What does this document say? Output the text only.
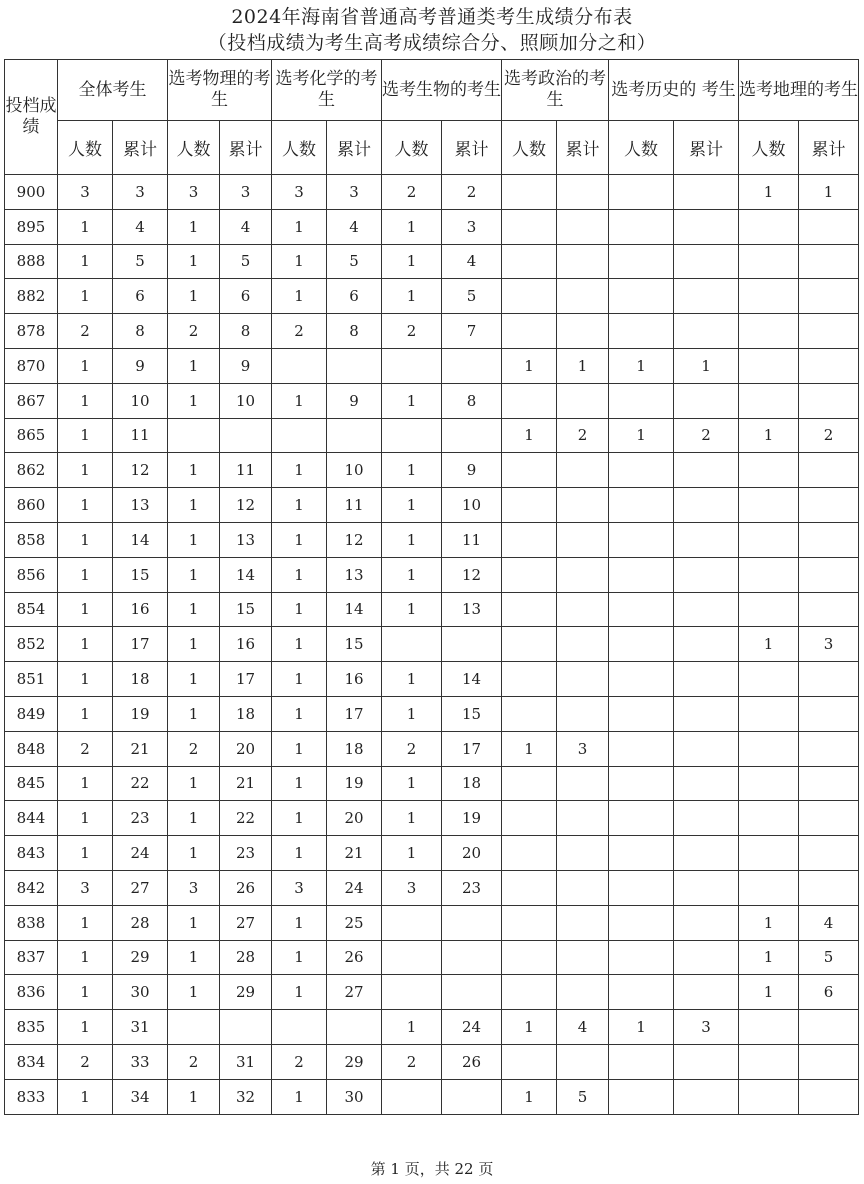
2024年海南省普通高考普通类考生成绩分布表
（投档成绩为考生高考成绩综合分、照顾加分之和）
投档成绩	全体考生		选考物理的考生		选考化学的考生		选考生物的考生		选考政治的考生		选考历史的 考生		选考地理的考生	
	人数	累计	人数	累计	人数	累计	人数	累计	人数	累计	人数	累计	人数	累计
900	3	3	3	3	3	3	2	2					1	1
895	1	4	1	4	1	4	1	3						
888	1	5	1	5	1	5	1	4						
882	1	6	1	6	1	6	1	5						
878	2	8	2	8	2	8	2	7						
870	1	9	1	9					1	1	1	1		
867	1	10	1	10	1	9	1	8						
865	1	11							1	2	1	2	1	2
862	1	12	1	11	1	10	1	9						
860	1	13	1	12	1	11	1	10						
858	1	14	1	13	1	12	1	11						
856	1	15	1	14	1	13	1	12						
854	1	16	1	15	1	14	1	13						
852	1	17	1	16	1	15							1	3
851	1	18	1	17	1	16	1	14						
849	1	19	1	18	1	17	1	15						
848	2	21	2	20	1	18	2	17	1	3				
845	1	22	1	21	1	19	1	18						
844	1	23	1	22	1	20	1	19						
843	1	24	1	23	1	21	1	20						
842	3	27	3	26	3	24	3	23						
838	1	28	1	27	1	25							1	4
837	1	29	1	28	1	26							1	5
836	1	30	1	29	1	27							1	6
835	1	31					1	24	1	4	1	3		
834	2	33	2	31	2	29	2	26						
833	1	34	1	32	1	30			1	5				
第 1 页，共 22 页
